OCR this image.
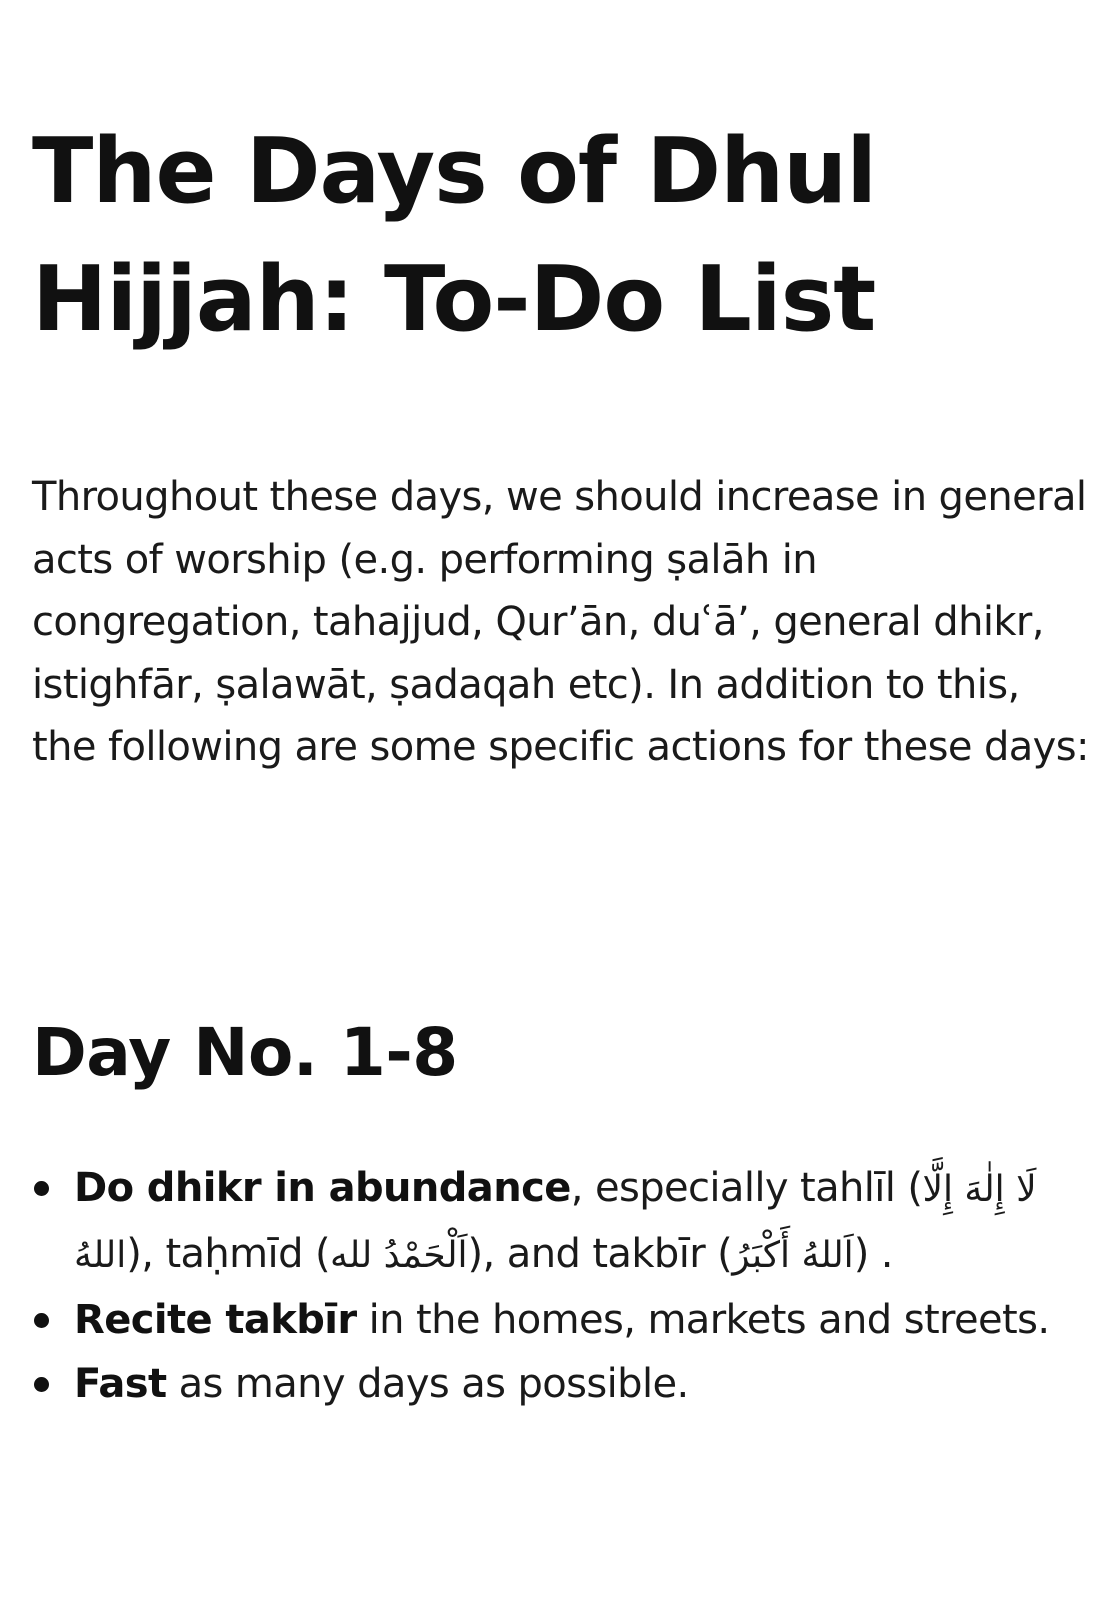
The Days of Dhul Hijjah: To-Do List

Throughout these days, we should increase in general acts of worship (e.g. performing ṣalāh in congregation, tahajjud, Qur’ān, duʿā’, general dhikr, istighfār, ṣalawāt, ṣadaqah etc). In addition to this, the following are some specific actions for these days:

Day No. 1-8
Do dhikr in abundance, especially tahlīl (لَا إِلٰهَ إِلَّا اللهُ), taḥmīd (اَلْحَمْدُ لله), and takbīr (اَللهُ أَكْبَرُ) .
Recite takbīr in the homes, markets and streets.
Fast as many days as possible.
